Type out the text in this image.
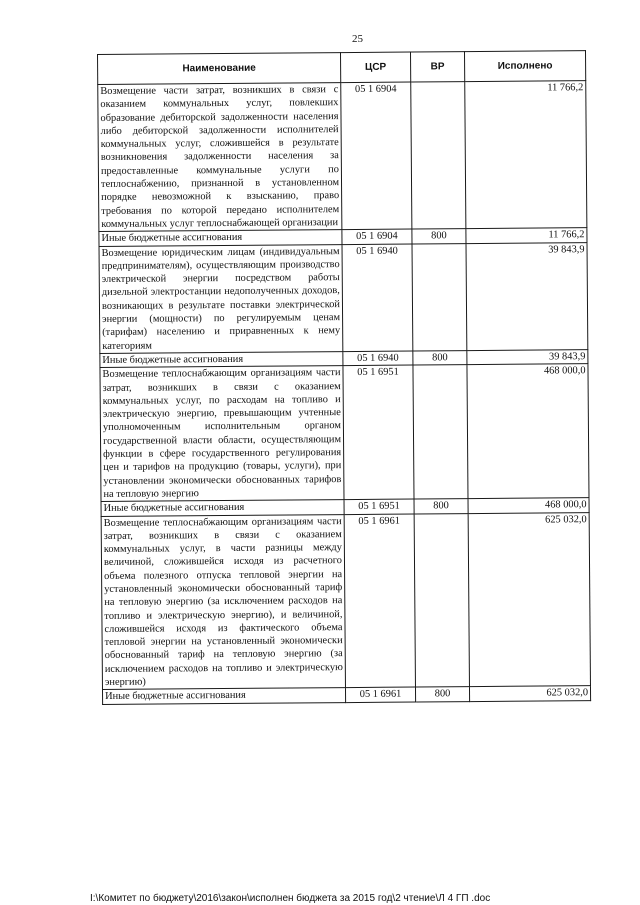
25
Наименование	ЦСР	ВР	Исполнено
Возмещение части затрат, возникших в связи с оказанием коммунальных услуг, повлекших образование дебиторской задолженности населения либо дебиторской задолженности исполнителей коммунальных услуг, сложившейся в результате возникновения задолженности населения за предоставленные коммунальные услуги по теплоснабжению, признанной в установленном порядке невозможной к взысканию, право требования по которой передано исполнителем коммунальных услуг теплоснабжающей организации	05 1 6904		11 766,2
Иные бюджетные ассигнования	05 1 6904	800	11 766,2
Возмещение юридическим лицам (индивидуальным предпринимателям), осуществляющим производство электрической энергии посредством работы дизельной электростанции недополученных доходов, возникающих в результате поставки электрической энергии (мощности) по регулируемым ценам (тарифам) населению и приравненных к нему категориям	05 1 6940		39 843,9
Иные бюджетные ассигнования	05 1 6940	800	39 843,9
Возмещение теплоснабжающим организациям части затрат, возникших в связи с оказанием коммунальных услуг, по расходам на топливо и электрическую энергию, превышающим учтенные уполномоченным исполнительным органом государственной власти области, осуществляющим функции в сфере государственного регулирования цен и тарифов на продукцию (товары, услуги), при установлении экономически обоснованных тарифов на тепловую энергию	05 1 6951		468 000,0
Иные бюджетные ассигнования	05 1 6951	800	468 000,0
Возмещение теплоснабжающим организациям части затрат, возникших в связи с оказанием коммунальных услуг, в части разницы между величиной, сложившейся исходя из расчетного объема полезного отпуска тепловой энергии на установленный экономически обоснованный тариф на тепловую энергию (за исключением расходов на топливо и электрическую энергию), и величиной, сложившейся исходя из фактического объема тепловой энергии на установленный экономически обоснованный тариф на тепловую энергию (за исключением расходов на топливо и электрическую энергию)	05 1 6961		625 032,0
Иные бюджетные ассигнования	05 1 6961	800	625 032,0
I:\Комитет по бюджету\2016\закон\исполнен бюджета за 2015 год\2 чтение\Л 4 ГП .doc
